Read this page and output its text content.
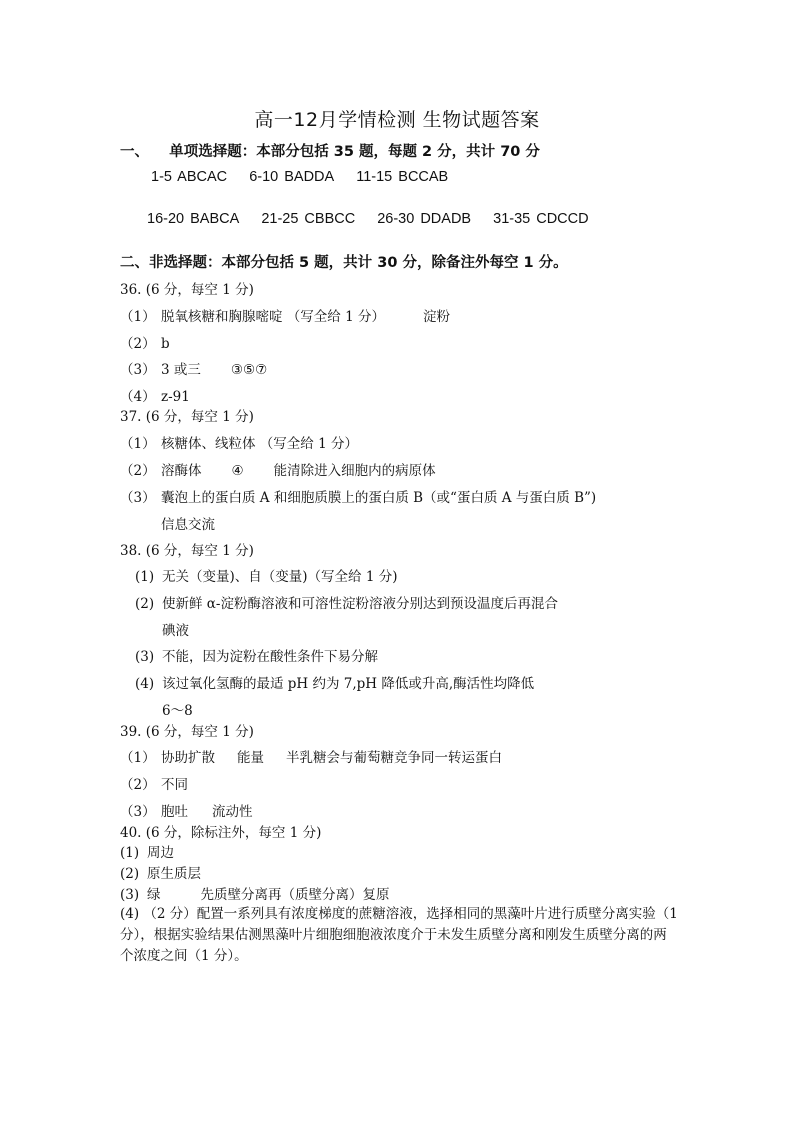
高一12月学情检测 生物试题答案
一、    单项选择题：本部分包括 35 题，每题 2 分，共计 70 分
1-5 ABCAC 6-10 BADDA 11-15 BCCAB
16-20 BABCA 21-25 CBBCC 26-30 DDADB 31-35 CDCCD
二、非选择题：本部分包括 5 题，共计 30 分，除备注外每空 1 分。
36. (6 分，每空 1 分)
（1） 脱氧核糖和胸腺嘧啶 （写全给 1 分）	淀粉
（2） b
（3） 3 或三 ③⑤⑦
（4） z-91
37. (6 分，每空 1 分)
（1） 核糖体、线粒体 （写全给 1 分）
（2） 溶酶体 ④ 能清除进入细胞内的病原体
（3） 囊泡上的蛋白质 A 和细胞质膜上的蛋白质 B（或“蛋白质 A 与蛋白质 B”)
信息交流
38. (6 分，每空 1 分)
(1) 无关（变量)、自（变量)（写全给 1 分)
(2) 使新鲜 α-淀粉酶溶液和可溶性淀粉溶液分别达到预设温度后再混合
碘液
(3) 不能，因为淀粉在酸性条件下易分解
(4) 该过氧化氢酶的最适 pH 约为 7,pH 降低或升高,酶活性均降低
6～8
39. (6 分，每空 1 分)
（1） 协助扩散 能量 半乳糖会与葡萄糖竞争同一转运蛋白
（2） 不同
（3） 胞吐 流动性
40. (6 分，除标注外，每空 1 分)
(1) 周边
(2) 原生质层
(3) 绿	先质壁分离再（质壁分离）复原
(4) （2 分）配置一系列具有浓度梯度的蔗糖溶液，选择相同的黑藻叶片进行质壁分离实验（1 分），根据实验结果估测黑藻叶片细胞细胞液浓度介于未发生质壁分离和刚发生质壁分离的两个浓度之间（1 分）。
